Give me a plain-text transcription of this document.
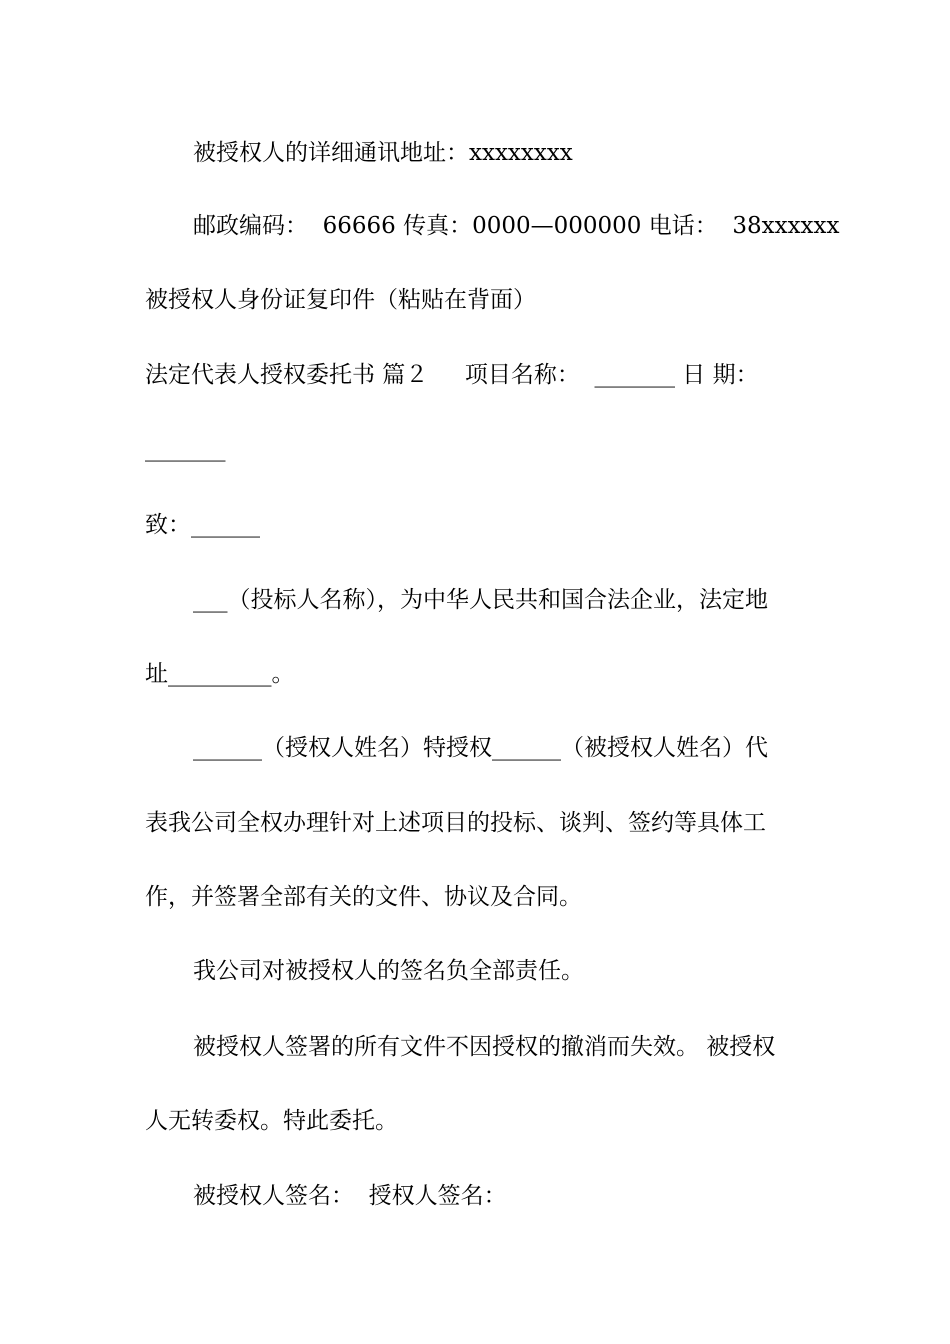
被授权人的详细通讯地址：xxxxxxxx

邮政编码：  66666 传真：0000—000000 电话：  38xxxxxx

被授权人身份证复印件（粘贴在背面）

法定代表人授权委托书 篇２     项目名称：  _______ 日 期：

_______

致：______

___（投标人名称），为中华人民共和国合法企业，法定地

址_________。

______（授权人姓名）特授权______（被授权人姓名）代

表我公司全权办理针对上述项目的投标、谈判、签约等具体工

作，并签署全部有关的文件、协议及合同。

我公司对被授权人的签名负全部责任。

被授权人签署的所有文件不因授权的撤消而失效。 被授权

人无转委权。特此委托。

被授权人签名：  授权人签名：
